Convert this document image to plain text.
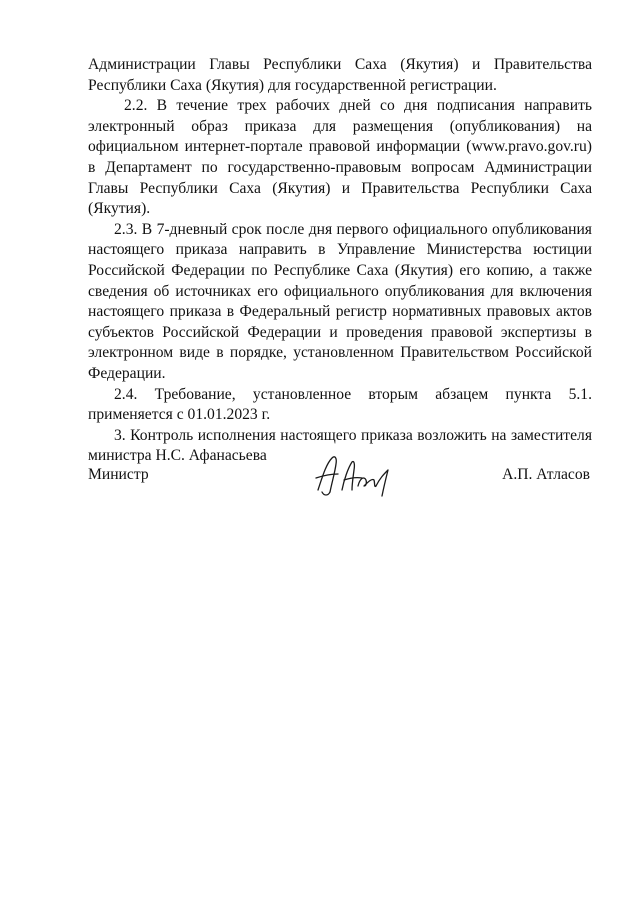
Администрации Главы Республики Саха (Якутия) и Правительства Республики Саха (Якутия) для государственной регистрации.

2.2. В течение трех рабочих дней со дня подписания направить электронный образ приказа для размещения (опубликования) на официальном интернет-портале правовой информации (www.pravo.gov.ru) в Департамент по государственно-правовым вопросам Администрации Главы Республики Саха (Якутия) и Правительства Республики Саха (Якутия).

2.3. В 7-дневный срок после дня первого официального опубликования настоящего приказа направить в Управление Министерства юстиции Российской Федерации по Республике Саха (Якутия) его копию, а также сведения об источниках его официального опубликования для включения настоящего приказа в Федеральный регистр нормативных правовых актов субъектов Российской Федерации и проведения правовой экспертизы в электронном виде в порядке, установленном Правительством Российской Федерации.

2.4. Требование, установленное вторым абзацем пункта 5.1. применяется с 01.01.2023 г.

3. Контроль исполнения настоящего приказа возложить на заместителя министра Н.С. Афанасьева

Министр	А.П. Атласов
